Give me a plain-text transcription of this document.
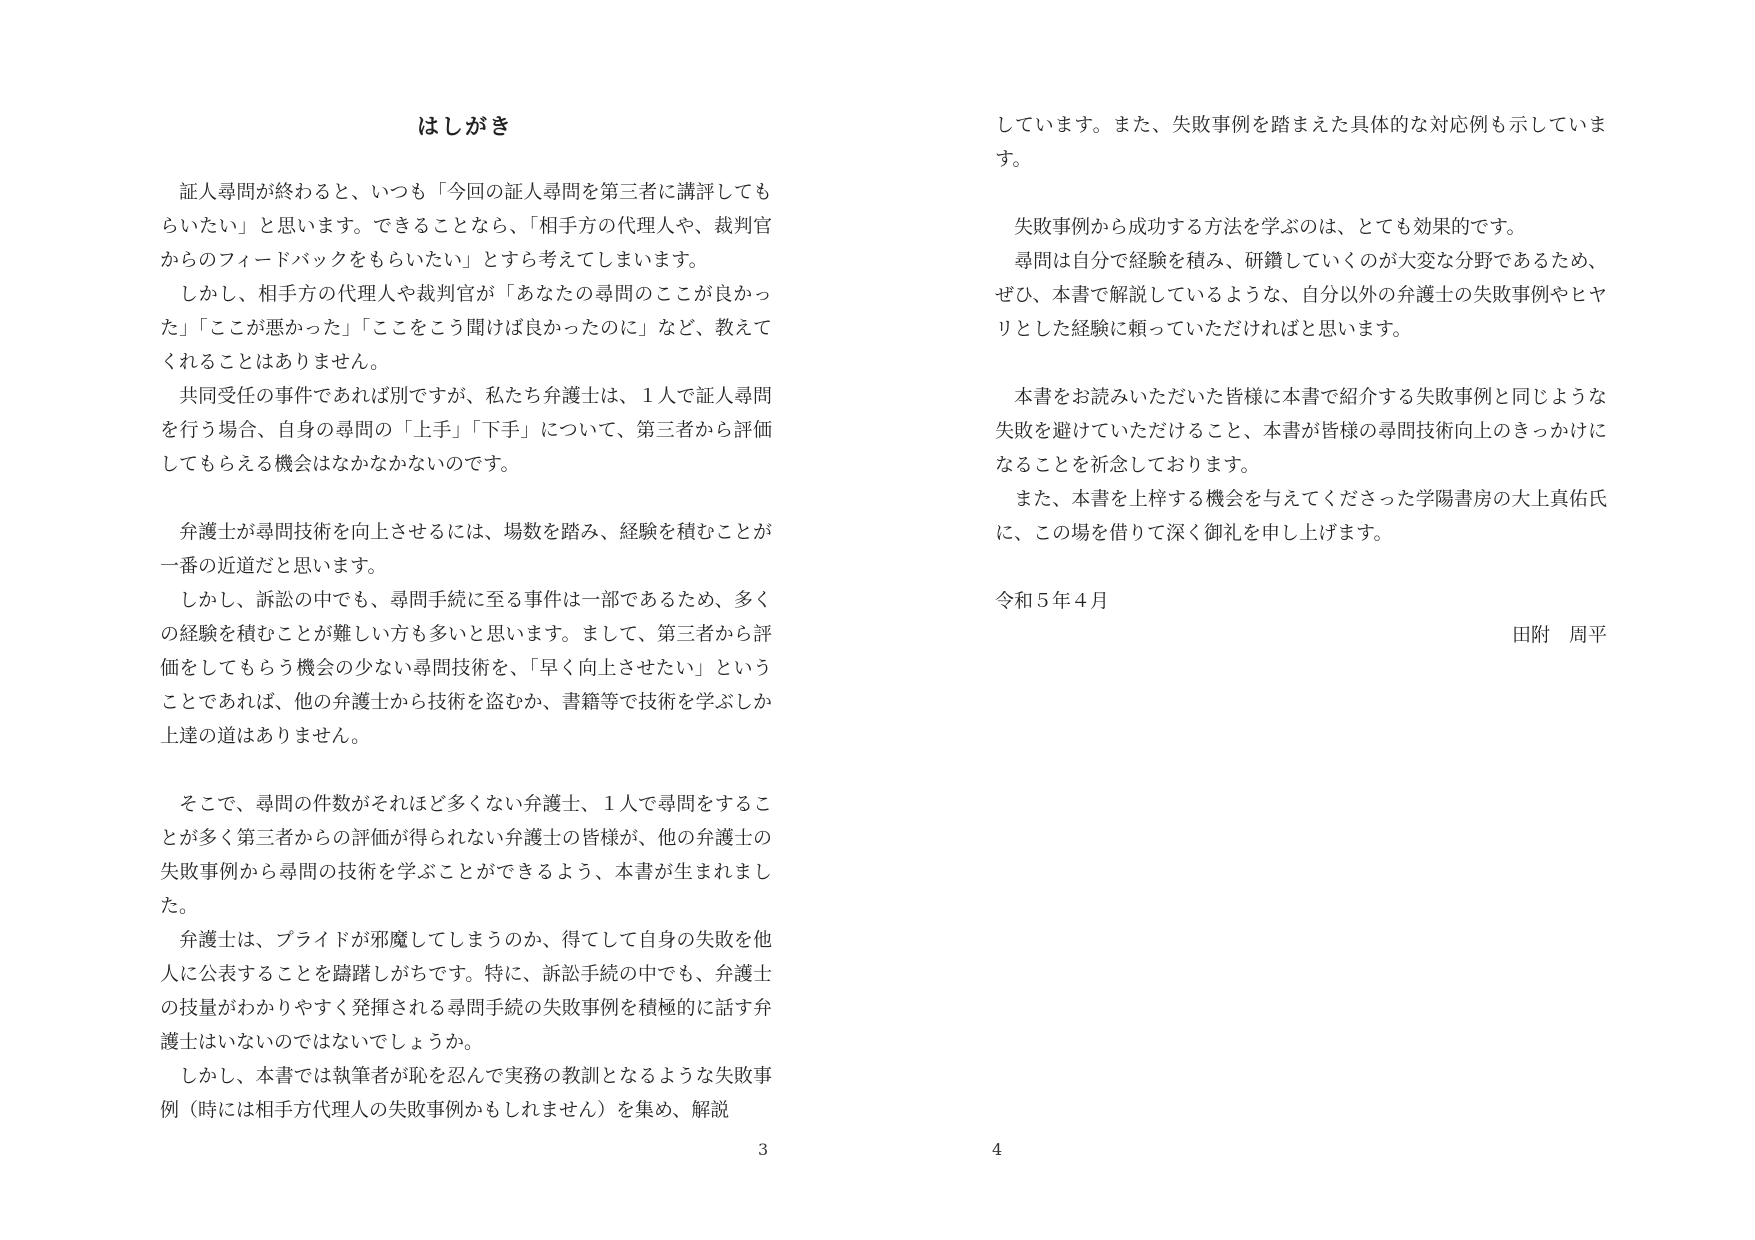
はしがき

証人尋問が終わると、いつも「今回の証人尋問を第三者に講評してもらいたい」と思います。できることなら、「相手方の代理人や、裁判官からのフィードバックをもらいたい」とすら考えてしまいます。

しかし、相手方の代理人や裁判官が「あなたの尋問のここが良かった」「ここが悪かった」「ここをこう聞けば良かったのに」など、教えてくれることはありません。

共同受任の事件であれば別ですが、私たち弁護士は、１人で証人尋問を行う場合、自身の尋問の「上手」「下手」について、第三者から評価してもらえる機会はなかなかないのです。

弁護士が尋問技術を向上させるには、場数を踏み、経験を積むことが一番の近道だと思います。

しかし、訴訟の中でも、尋問手続に至る事件は一部であるため、多くの経験を積むことが難しい方も多いと思います。まして、第三者から評価をしてもらう機会の少ない尋問技術を、「早く向上させたい」ということであれば、他の弁護士から技術を盗むか、書籍等で技術を学ぶしか上達の道はありません。

そこで、尋問の件数がそれほど多くない弁護士、１人で尋問をすることが多く第三者からの評価が得られない弁護士の皆様が、他の弁護士の失敗事例から尋問の技術を学ぶことができるよう、本書が生まれました。

弁護士は、プライドが邪魔してしまうのか、得てして自身の失敗を他人に公表することを躊躇しがちです。特に、訴訟手続の中でも、弁護士の技量がわかりやすく発揮される尋問手続の失敗事例を積極的に話す弁護士はいないのではないでしょうか。

しかし、本書では執筆者が恥を忍んで実務の教訓となるような失敗事例（時には相手方代理人の失敗事例かもしれません）を集め、解説

3

しています。また、失敗事例を踏まえた具体的な対応例も示しています。

失敗事例から成功する方法を学ぶのは、とても効果的です。

尋問は自分で経験を積み、研鑽していくのが大変な分野であるため、ぜひ、本書で解説しているような、自分以外の弁護士の失敗事例やヒヤリとした経験に頼っていただければと思います。

本書をお読みいただいた皆様に本書で紹介する失敗事例と同じような失敗を避けていただけること、本書が皆様の尋問技術向上のきっかけになることを祈念しております。

また、本書を上梓する機会を与えてくださった学陽書房の大上真佑氏に、この場を借りて深く御礼を申し上げます。

令和５年４月

田附　周平

4
